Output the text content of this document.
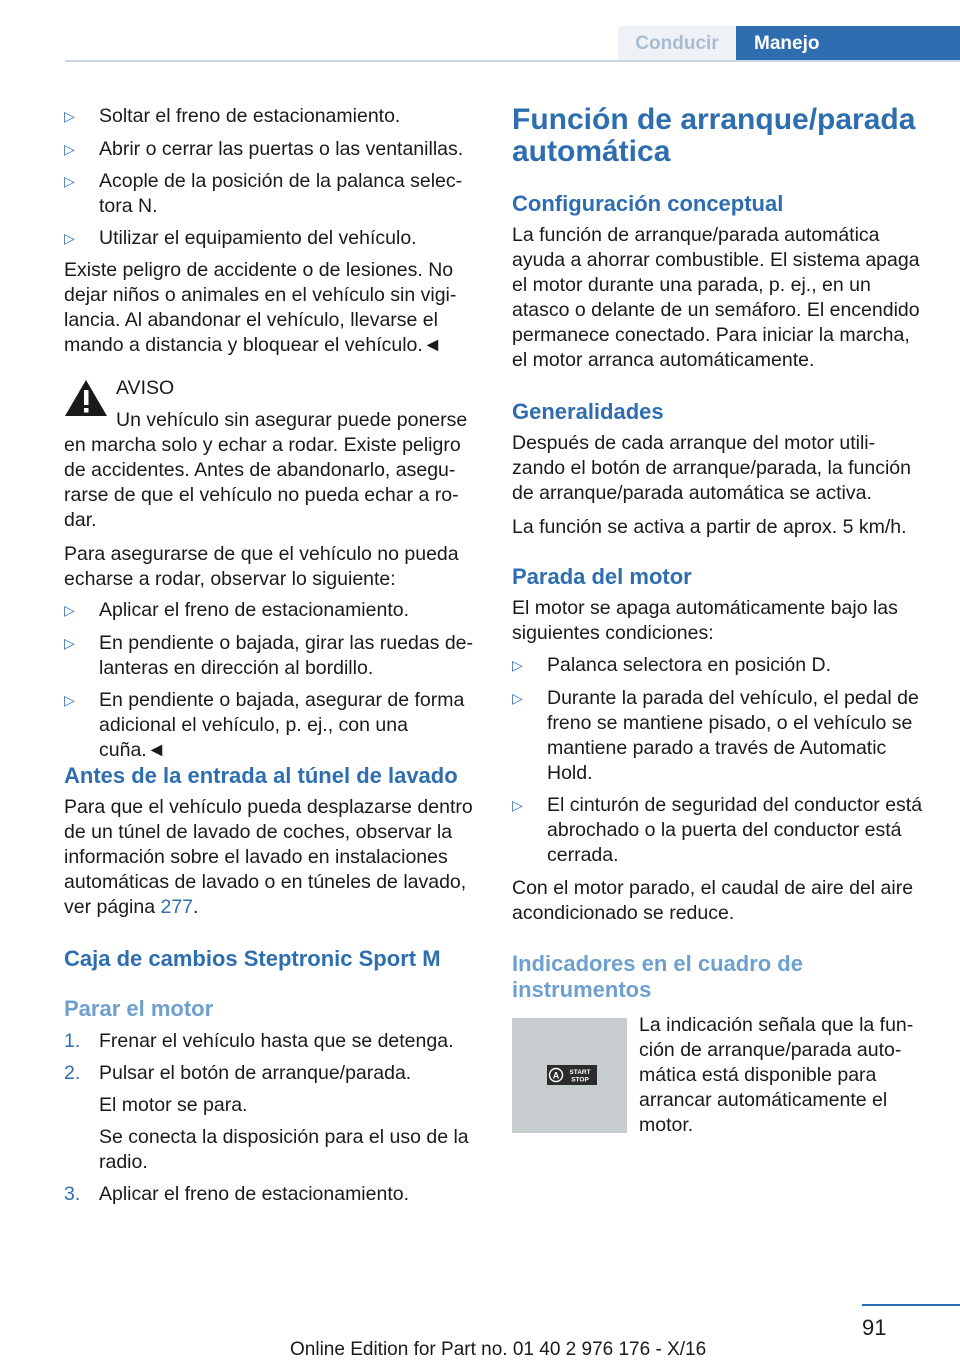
Conducir	Manejo
▷ Soltar el freno de estacionamiento.
▷ Abrir o cerrar las puertas o las ventanillas.
▷ Acople de la posición de la palanca selec‐tora N.
▷ Utilizar el equipamiento del vehículo.

Existe peligro de accidente o de lesiones. No dejar niños o animales en el vehículo sin vigi‐lancia. Al abandonar el vehículo, llevarse el mando a distancia y bloquear el vehículo.◄

AVISO

Un vehículo sin asegurar puede ponerse en marcha solo y echar a rodar. Existe peligro de accidentes. Antes de abandonarlo, asegu‐rarse de que el vehículo no pueda echar a ro‐dar.

Para asegurarse de que el vehículo no pueda echarse a rodar, observar lo siguiente:

▷ Aplicar el freno de estacionamiento.
▷ En pendiente o bajada, girar las ruedas de‐lanteras en dirección al bordillo.
▷ En pendiente o bajada, asegurar de forma adicional el vehículo, p. ej., con una cuña.◄
Antes de la entrada al túnel de lavado

Para que el vehículo pueda desplazarse dentro de un túnel de lavado de coches, observar la información sobre el lavado en instalaciones automáticas de lavado o en túneles de lavado, ver página 277.

Caja de cambios Steptronic Sport M
Parar el motor
1. Frenar el vehículo hasta que se detenga.
2. Pulsar el botón de arranque/parada.

El motor se para.

Se conecta la disposición para el uso de la radio.

3. Aplicar el freno de estacionamiento.
Función de arranque/parada automática
Configuración conceptual

La función de arranque/parada automática ayuda a ahorrar combustible. El sistema apaga el motor durante una parada, p. ej., en un atasco o delante de un semáforo. El encendido permanece conectado. Para iniciar la marcha, el motor arranca automáticamente.

Generalidades

Después de cada arranque del motor utili‐zando el botón de arranque/parada, la función de arranque/parada automática se activa.

La función se activa a partir de aprox. 5 km/h.

Parada del motor

El motor se apaga automáticamente bajo las siguientes condiciones:

▷ Palanca selectora en posición D.
▷ Durante la parada del vehículo, el pedal de freno se mantiene pisado, o el vehículo se mantiene parado a través de Automatic Hold.
▷ El cinturón de seguridad del conductor está abrochado o la puerta del conductor está cerrada.

Con el motor parado, el caudal de aire del aire acondicionado se reduce.

Indicadores en el cuadro de instrumentos

La indicación señala que la fun‐ción de arranque/parada auto‐mática está disponible para arrancar automáticamente el motor.

A START
STOP
91
Online Edition for Part no. 01 40 2 976 176 - X/16
